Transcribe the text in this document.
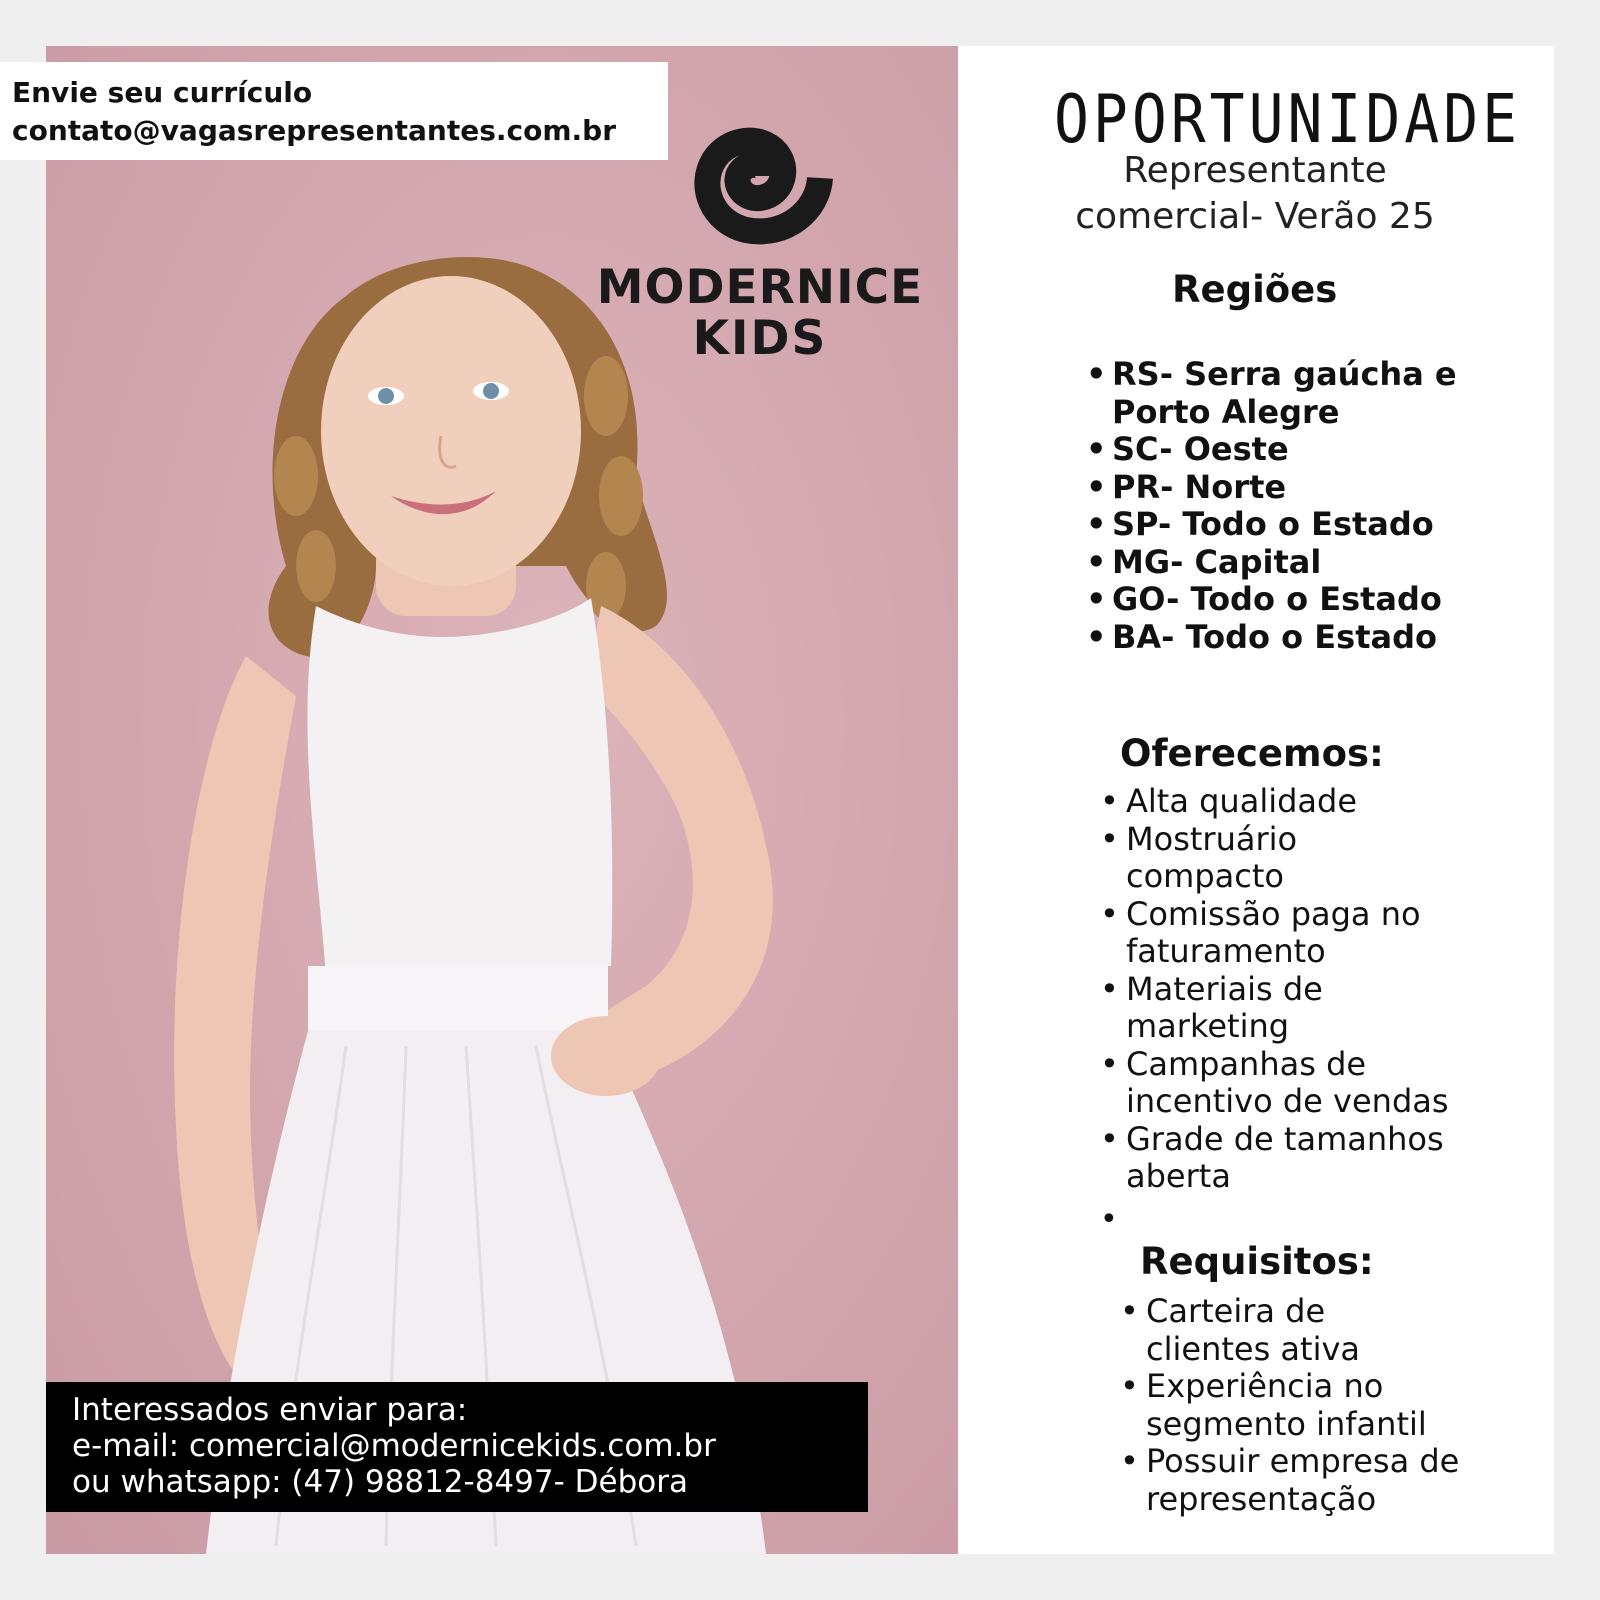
MODERNICE
KIDS
Envie seu currículo
contato@vagasrepresentantes.com.br
Interessados enviar para:
e-mail: comercial@modernicekids.com.br
ou whatsapp: (47) 98812-8497- Débora
OPORTUNIDADE
Representante
comercial- Verão 25
Regiões
• RS- Serra gaúcha e Porto Alegre
• SC- Oeste
• PR- Norte
• SP- Todo o Estado
• MG- Capital
• GO- Todo o Estado
• BA- Todo o Estado
Oferecemos:
• Alta qualidade
• Mostruário compacto
• Comissão paga no faturamento
• Materiais de marketing
• Campanhas de incentivo de vendas
• Grade de tamanhos aberta
•
Requisitos:
• Carteira de clientes ativa
• Experiência no segmento infantil
• Possuir empresa de representação
